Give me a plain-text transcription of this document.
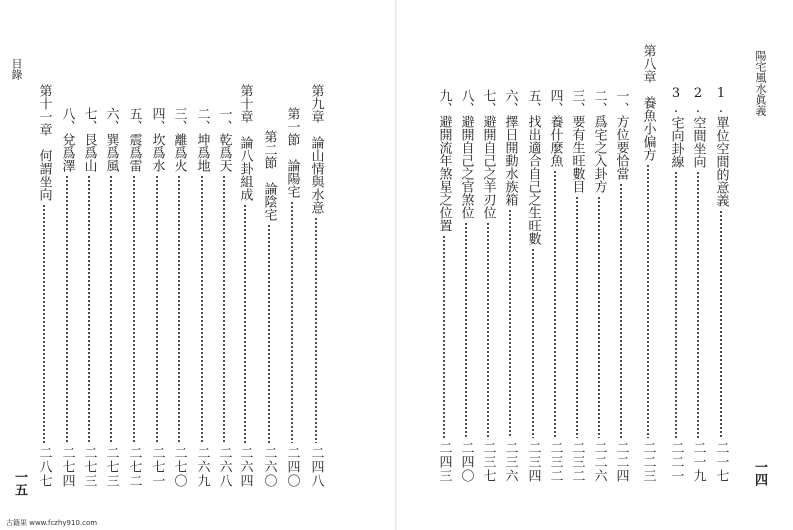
目錄
一五
第九章　論山情與水意
二四八
第一節　論陽宅
二四〇
第二節　論陰宅
二六〇
第十章　論八卦組成
二六四
一、乾爲天
二六八
二、坤爲地
二六九
三、離爲火
二七〇
四、坎爲水
二七一
五、震爲雷
二七二
六、巽爲風
二七三
七、艮爲山
二七三
八、兌爲澤
二七四
第十一章　何謂坐向
二八七
陽宅風水眞義
一四
1.單位空間的意義
二一七
2.空間坐向
二一九
3.宅向卦線
二二一
第八章　養魚小偏方
二二三
一、方位要恰當
二二四
二、爲宅之入卦方
二二六
三、要有生旺數目
二三二
四、養什麼魚
二三二
五、找出適合自己之生旺數
二三四
六、擇日開動水族箱
二三六
七、避開自己之羊刃位
二三七
八、避開自己之官煞位
二四〇
九、避開流年煞星之位置
二四三
古籍果 www.fczhy910.com
